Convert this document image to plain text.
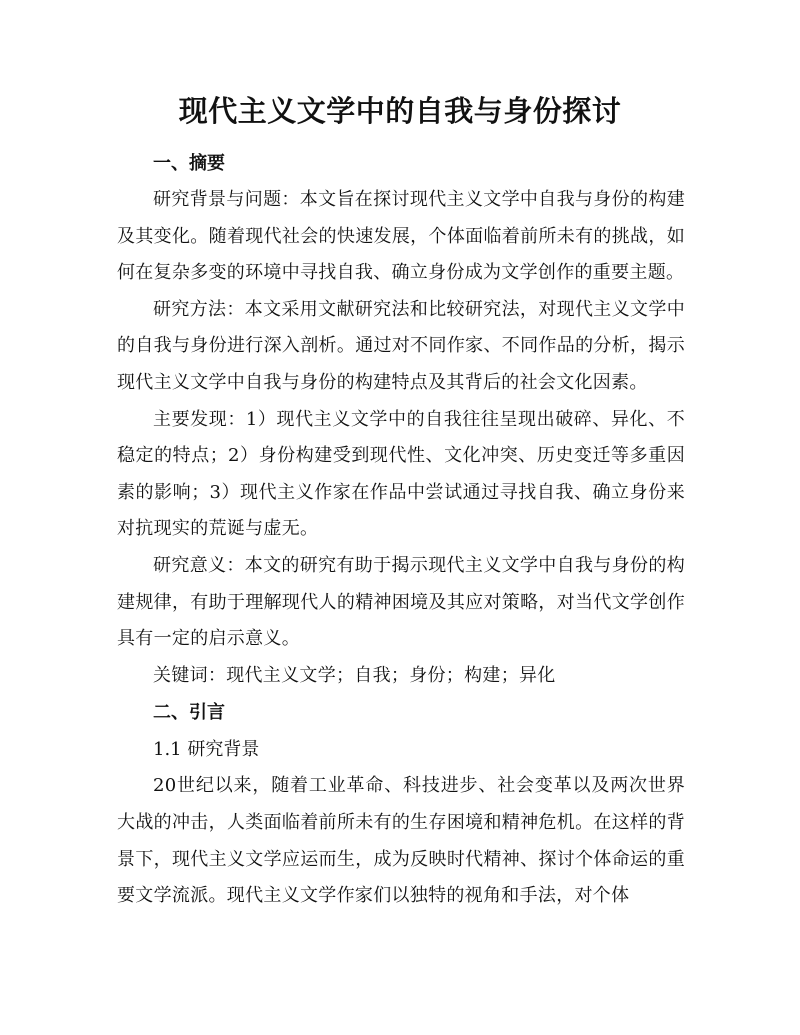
现代主义文学中的自我与身份探讨

一、摘要

研究背景与问题：本文旨在探讨现代主义文学中自我与身份的构建及其变化。随着现代社会的快速发展，个体面临着前所未有的挑战，如何在复杂多变的环境中寻找自我、确立身份成为文学创作的重要主题。

研究方法：本文采用文献研究法和比较研究法，对现代主义文学中的自我与身份进行深入剖析。通过对不同作家、不同作品的分析，揭示现代主义文学中自我与身份的构建特点及其背后的社会文化因素。

主要发现：1）现代主义文学中的自我往往呈现出破碎、异化、不稳定的特点；2）身份构建受到现代性、文化冲突、历史变迁等多重因素的影响；3）现代主义作家在作品中尝试通过寻找自我、确立身份来对抗现实的荒诞与虚无。

研究意义：本文的研究有助于揭示现代主义文学中自我与身份的构建规律，有助于理解现代人的精神困境及其应对策略，对当代文学创作具有一定的启示意义。

关键词：现代主义文学；自我；身份；构建；异化

二、引言

1.1 研究背景

20世纪以来，随着工业革命、科技进步、社会变革以及两次世界大战的冲击，人类面临着前所未有的生存困境和精神危机。在这样的背景下，现代主义文学应运而生，成为反映时代精神、探讨个体命运的重要文学流派。现代主义文学作家们以独特的视角和手法，对个体
